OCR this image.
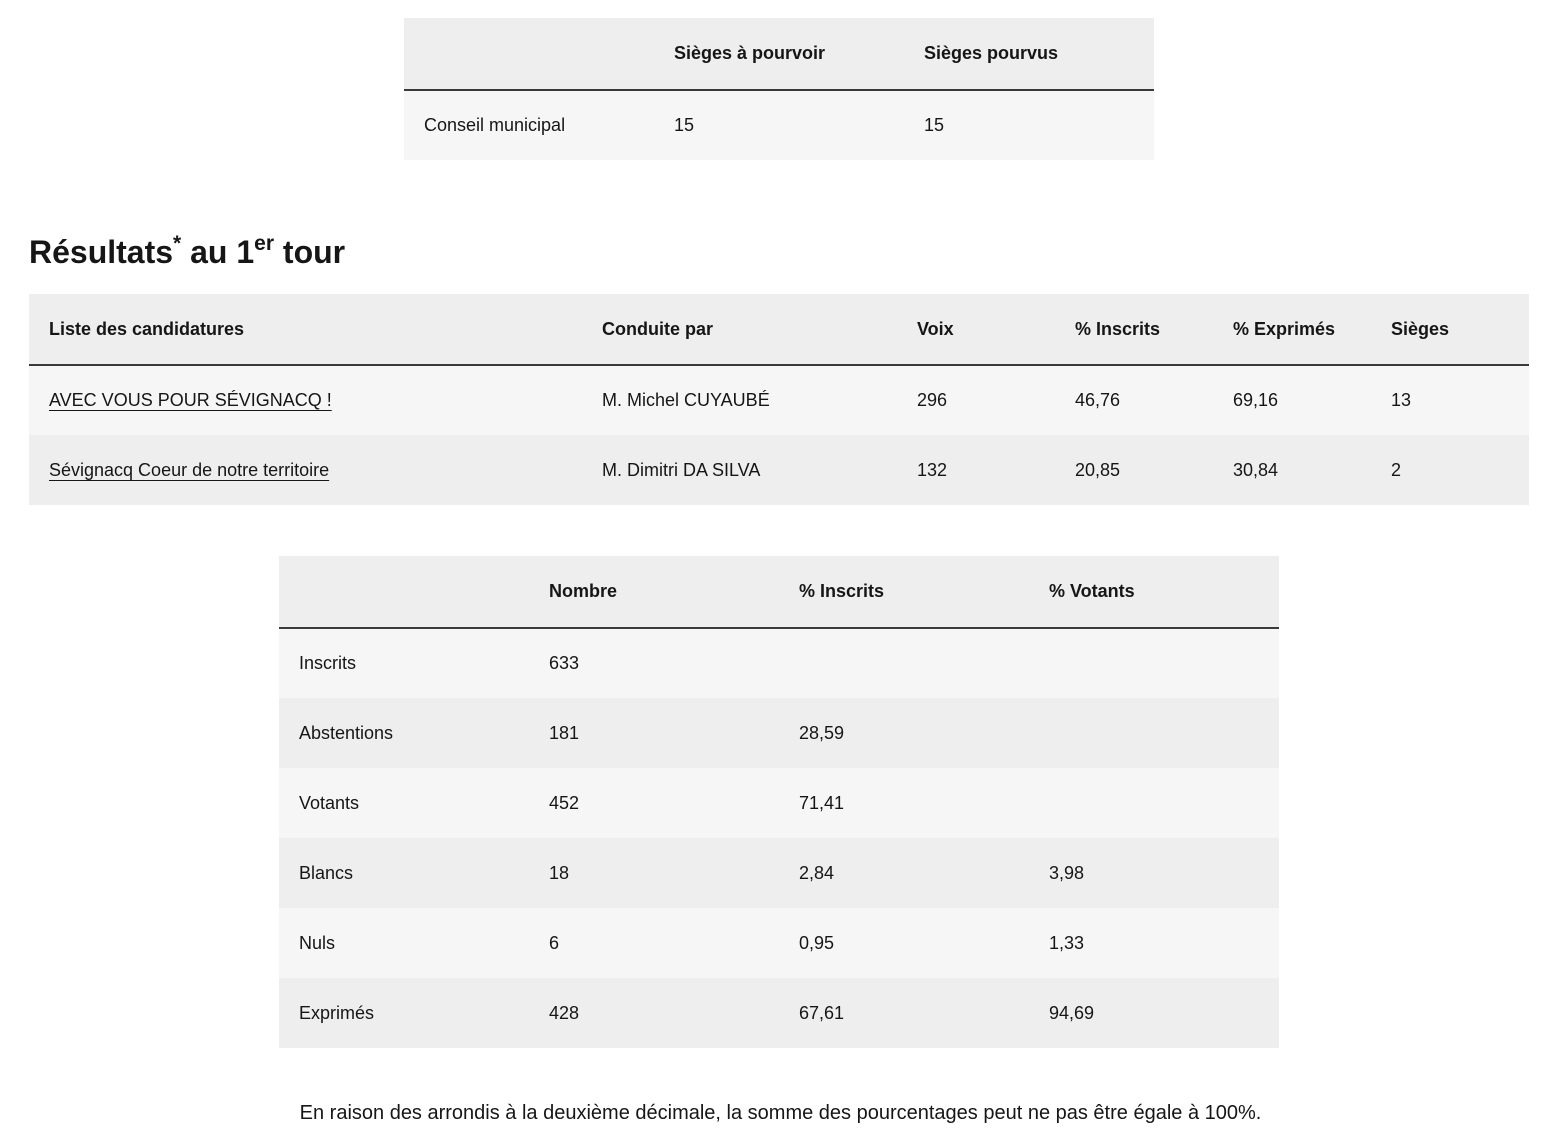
	Sièges à pourvoir	Sièges pourvus
Conseil municipal	15	15
Résultats* au 1er tour
Liste des candidatures	Conduite par	Voix	% Inscrits	% Exprimés	Sièges
AVEC VOUS POUR SÉVIGNACQ !	M. Michel CUYAUBÉ	296	46,76	69,16	13
Sévignacq Coeur de notre territoire	M. Dimitri DA SILVA	132	20,85	30,84	2
	Nombre	% Inscrits	% Votants
Inscrits	633		
Abstentions	181	28,59	
Votants	452	71,41	
Blancs	18	2,84	3,98
Nuls	6	0,95	1,33
Exprimés	428	67,61	94,69

En raison des arrondis à la deuxième décimale, la somme des pourcentages peut ne pas être égale à 100%.
